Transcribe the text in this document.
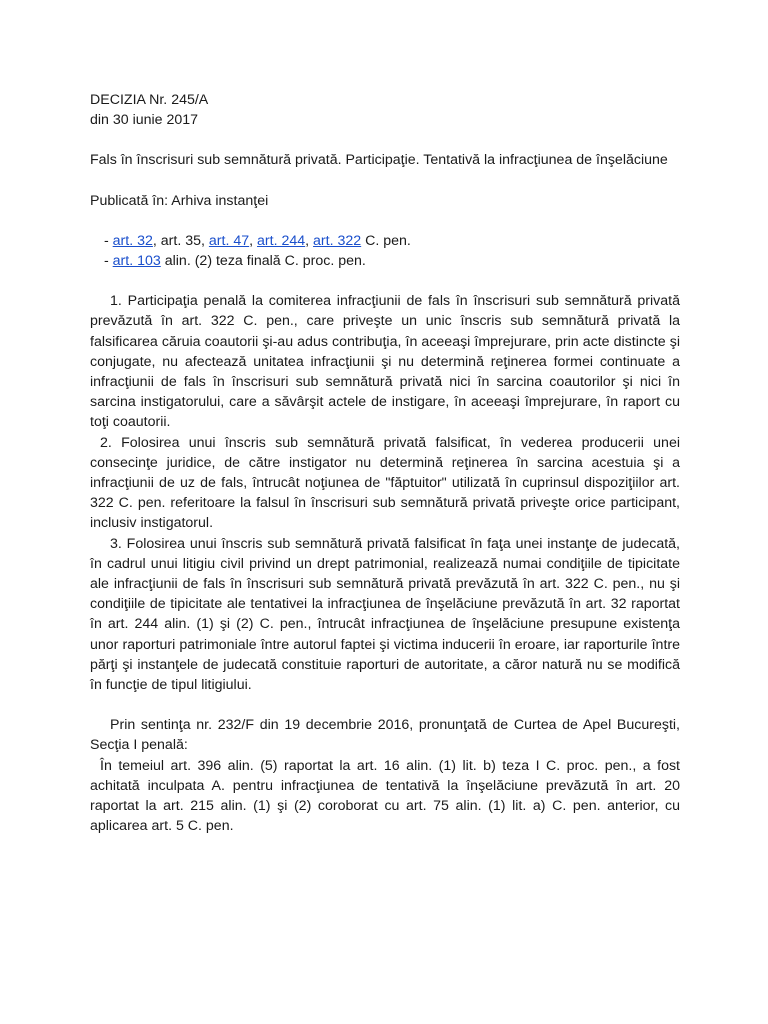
DECIZIA Nr. 245/A

din 30 iunie 2017

Fals în înscrisuri sub semnătură privată. Participaţie. Tentativă la infracţiunea de înşelăciune

Publicată în: Arhiva instanţei

- art. 32, art. 35, art. 47, art. 244, art. 322 C. pen.
- art. 103 alin. (2) teza finală C. proc. pen.

1. Participaţia penală la comiterea infracţiunii de fals în înscrisuri sub semnătură privată prevăzută în art. 322 C. pen., care priveşte un unic înscris sub semnătură privată la falsificarea căruia coautorii şi-au adus contribuţia, în aceeaşi împrejurare, prin acte distincte şi conjugate, nu afectează unitatea infracţiunii şi nu determină reţinerea formei continuate a infracţiunii de fals în înscrisuri sub semnătură privată nici în sarcina coautorilor şi nici în sarcina instigatorului, care a săvârşit actele de instigare, în aceeaşi împrejurare, în raport cu toţi coautorii.

2. Folosirea unui înscris sub semnătură privată falsificat, în vederea producerii unei consecinţe juridice, de către instigator nu determină reţinerea în sarcina acestuia şi a infracţiunii de uz de fals, întrucât noţiunea de "făptuitor" utilizată în cuprinsul dispoziţiilor art. 322 C. pen. referitoare la falsul în înscrisuri sub semnătură privată priveşte orice participant, inclusiv instigatorul.

3. Folosirea unui înscris sub semnătură privată falsificat în faţa unei instanţe de judecată, în cadrul unui litigiu civil privind un drept patrimonial, realizează numai condiţiile de tipicitate ale infracţiunii de fals în înscrisuri sub semnătură privată prevăzută în art. 322 C. pen., nu şi condiţiile de tipicitate ale tentativei la infracţiunea de înşelăciune prevăzută în art. 32 raportat în art. 244 alin. (1) şi (2) C. pen., întrucât infracţiunea de înşelăciune presupune existenţa unor raporturi patrimoniale între autorul faptei şi victima inducerii în eroare, iar raporturile între părţi şi instanţele de judecată constituie raporturi de autoritate, a căror natură nu se modifică în funcţie de tipul litigiului.

Prin sentinţa nr. 232/F din 19 decembrie 2016, pronunţată de Curtea de Apel Bucureşti, Secţia I penală:

În temeiul art. 396 alin. (5) raportat la art. 16 alin. (1) lit. b) teza I C. proc. pen., a fost achitată inculpata A. pentru infracţiunea de tentativă la înşelăciune prevăzută în art. 20 raportat la art. 215 alin. (1) şi (2) coroborat cu art. 75 alin. (1) lit. a) C. pen. anterior, cu aplicarea art. 5 C. pen.
